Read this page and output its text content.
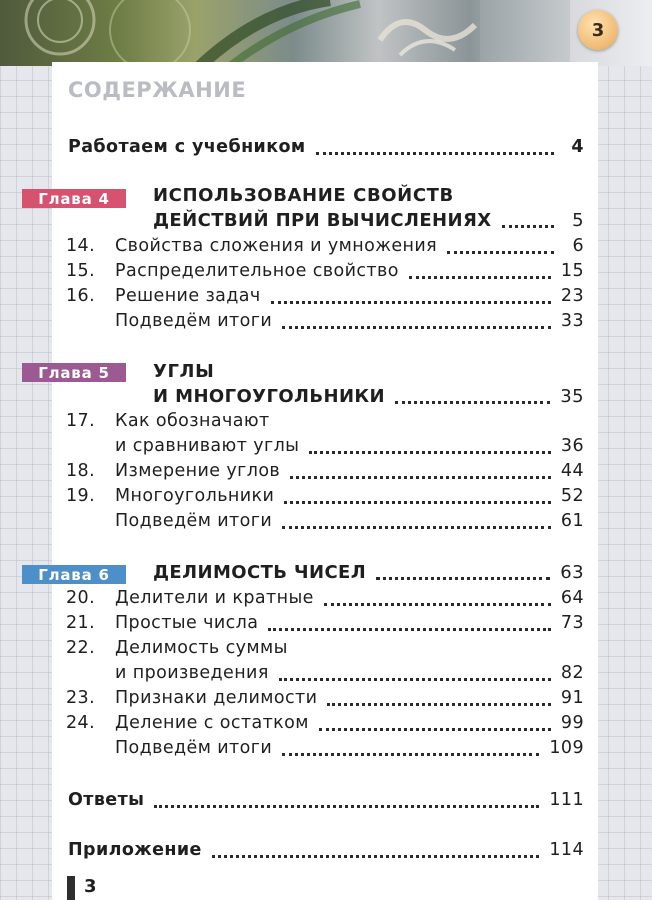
3
СОДЕРЖАНИЕ
Работаем с учебником	4
Глава 4	ИСПОЛЬЗОВАНИЕ СВОЙСТВ
ДЕЙСТВИЙ ПРИ ВЫЧИСЛЕНИЯХ	5
14.	Свойства сложения и умножения	6
15.	Распределительное свойство	15
16.	Решение задач	23
Подведём итоги	33
Глава 5	УГЛЫ
И МНОГОУГОЛЬНИКИ	35
17.	Как обозначают
и сравнивают углы	36
18.	Измерение углов	44
19.	Многоугольники	52
Подведём итоги	61
Глава 6	ДЕЛИМОСТЬ ЧИСЕЛ	63
20.	Делители и кратные	64
21.	Простые числа	73
22.	Делимость суммы
и произведения	82
23.	Признаки делимости	91
24.	Деление с остатком	99
Подведём итоги	109
Ответы	111
Приложение	114
3
